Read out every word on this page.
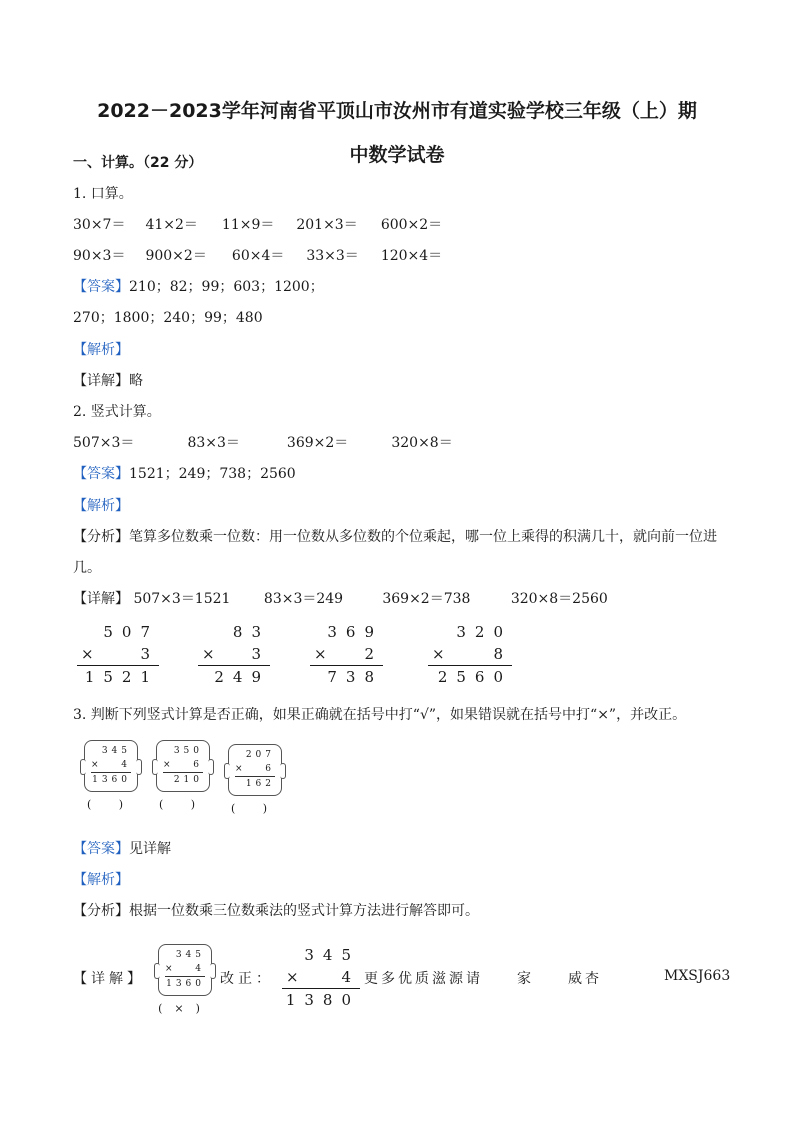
2022－2023学年河南省平顶山市汝州市有道实验学校三年级（上）期
中数学试卷
一、计算。（22 分）
1. 口算。
30×7＝ 41×2＝ 11×9＝ 201×3＝ 600×2＝
90×3＝ 900×2＝ 60×4＝ 33×3＝ 120×4＝
【答案】210；82；99；603；1200；
270；1800；240；99；480
【解析】
【详解】略
2. 竖式计算。
507×3＝	83×3＝	369×2＝	320×8＝
【答案】1521；249；738；2560
【解析】
【分析】笔算多位数乘一位数：用一位数从多位数的个位乘起，哪一位上乘得的积满几十，就向前一位进
几。
【详解】 507×3＝1521 83×3＝249	369×2＝738	320×8＝2560
507
×	3
1521
83
× 3
249
369
× 2
738
320
×	8
2560
3. 判断下列竖式计算是否正确，如果正确就在括号中打“√”，如果错误就在括号中打“×”，并改正。
345
× 4
1360
( )
350
× 6
210
( )
207
× 6
162
( )
【答案】见详解
【解析】
【分析】根据一位数乘三位数乘法的竖式计算方法进行解答即可。
【详解】
345
× 4
1360
(×)
改正：
345
× 4
1380
更多优质滋源请　　家　　威杏	MXSJ663
